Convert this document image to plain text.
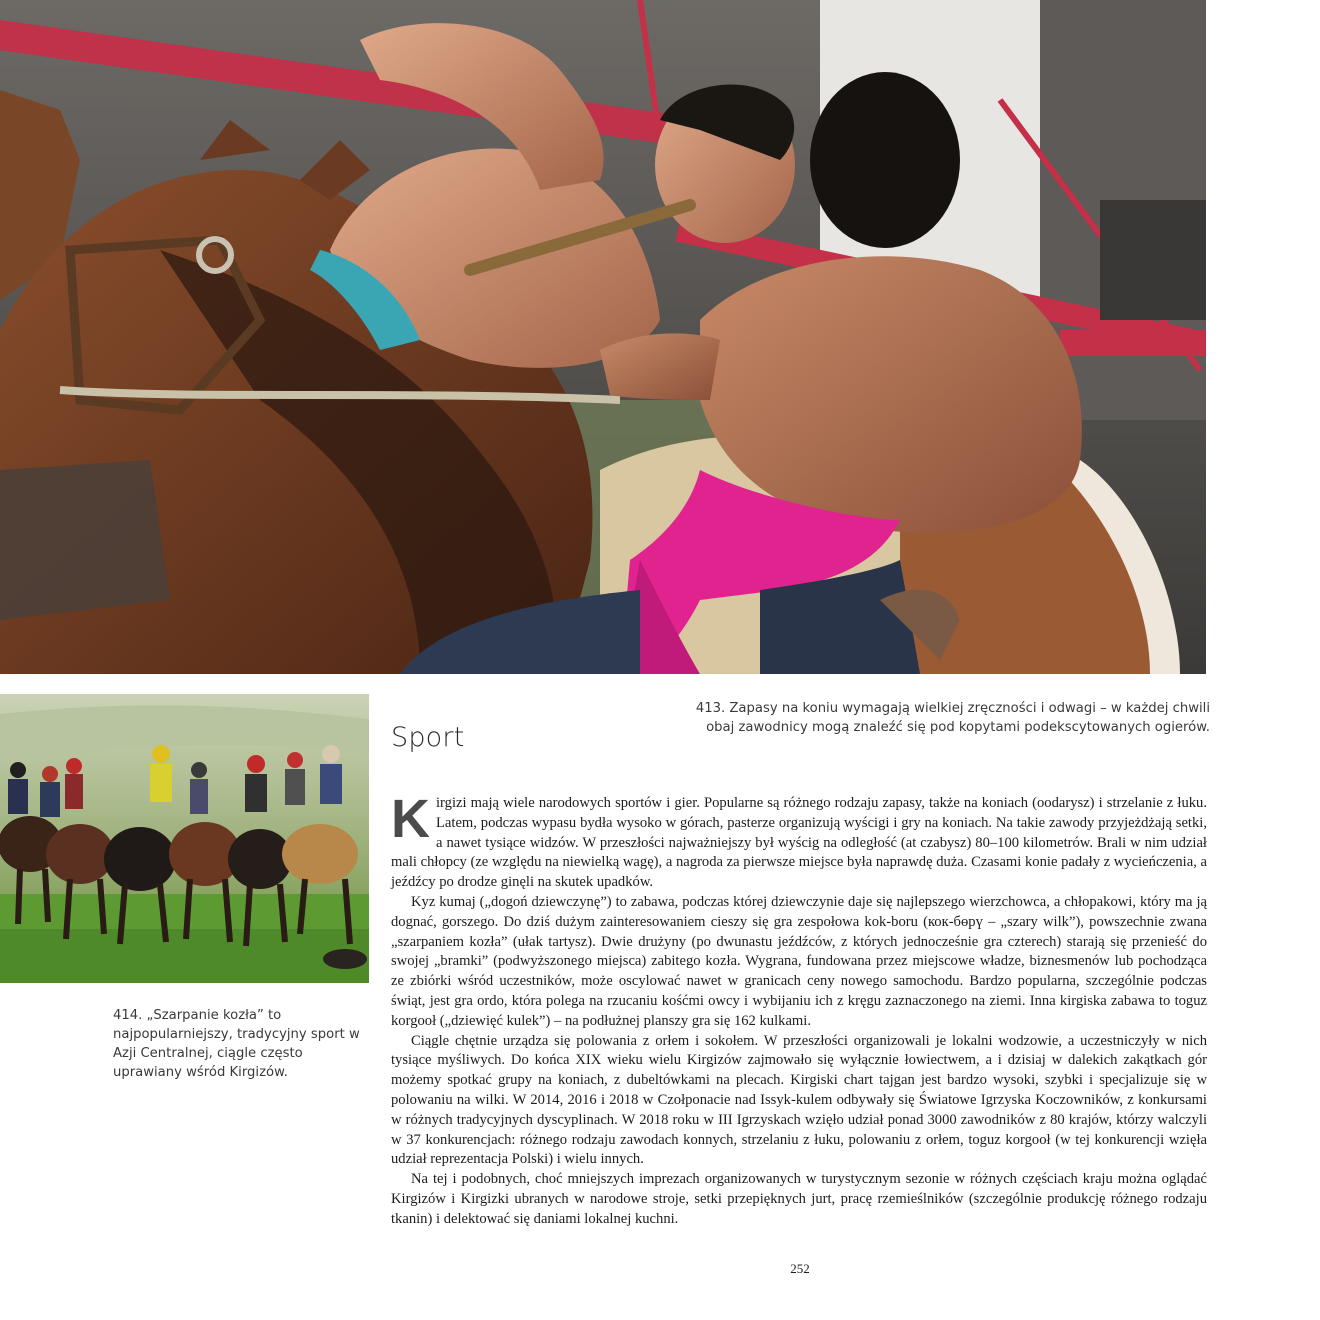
413. Zapasy na koniu wymagają wielkiej zręczności i odwagi – w każdej chwili obaj zawodnicy mogą znaleźć się pod kopytami podekscytowanych ogierów.
414. „Szarpanie kozła” to najpopularniejszy, tradycyjny sport w Azji Centralnej, ciągle często uprawiany wśród Kirgizów.
Sport

Kirgizi mają wiele narodowych sportów i gier. Popularne są różnego rodzaju zapasy, także na koniach (oodarysz) i strzelanie z łuku. Latem, podczas wypasu bydła wysoko w górach, pasterze organizują wyścigi i gry na koniach. Na takie zawody przyjeżdżają setki, a nawet tysiące widzów. W przeszłości najważniejszy był wyścig na odległość (at czabysz) 80–100 kilometrów. Brali w nim udział mali chłopcy (ze względu na niewielką wagę), a nagroda za pierwsze miejsce była naprawdę duża. Czasami konie padały z wycieńczenia, a jeźdźcy po drodze ginęli na skutek upadków.

Kyz kumaj („dogoń dziewczynę”) to zabawa, podczas której dziewczynie daje się najlepszego wierzchowca, a chłopakowi, który ma ją dognać, gorszego. Do dziś dużym zainteresowaniem cieszy się gra zespołowa kok-boru (кок-бөрү – „szary wilk”), powszechnie zwana „szarpaniem kozła” (ułak tartysz). Dwie drużyny (po dwunastu jeźdźców, z których jednocześnie gra czterech) starają się przenieść do swojej „bramki” (podwyższonego miejsca) zabitego kozła. Wygrana, fundowana przez miejscowe władze, biznesmenów lub pochodząca ze zbiórki wśród uczestników, może oscylować nawet w granicach ceny nowego samochodu. Bardzo popularna, szczególnie podczas świąt, jest gra ordo, która polega na rzucaniu kośćmi owcy i wybijaniu ich z kręgu zaznaczonego na ziemi. Inna kirgiska zabawa to toguz korgooł („dziewięć kulek”) – na podłużnej planszy gra się 162 kulkami.

Ciągle chętnie urządza się polowania z orłem i sokołem. W przeszłości organizowali je lokalni wodzowie, a uczestniczyły w nich tysiące myśliwych. Do końca XIX wieku wielu Kirgizów zajmowało się wyłącznie łowiectwem, a i dzisiaj w dalekich zakątkach gór możemy spotkać grupy na koniach, z dubeltówkami na plecach. Kirgiski chart tajgan jest bardzo wysoki, szybki i specjalizuje się w polowaniu na wilki. W 2014, 2016 i 2018 w Czołponacie nad Issyk-kulem odbywały się Światowe Igrzyska Koczowników, z konkursami w różnych tradycyjnych dyscyplinach. W 2018 roku w III Igrzyskach wzięło udział ponad 3000 zawodników z 80 krajów, którzy walczyli w 37 konkurencjach: różnego rodzaju zawodach konnych, strzelaniu z łuku, polowaniu z orłem, toguz korgooł (w tej konkurencji wzięła udział reprezentacja Polski) i wielu innych.

Na tej i podobnych, choć mniejszych imprezach organizowanych w turystycznym sezonie w różnych częściach kraju można oglądać Kirgizów i Kirgizki ubranych w narodowe stroje, setki przepięknych jurt, pracę rzemieślników (szczególnie produkcję różnego rodzaju tkanin) i delektować się daniami lokalnej kuchni.

252
